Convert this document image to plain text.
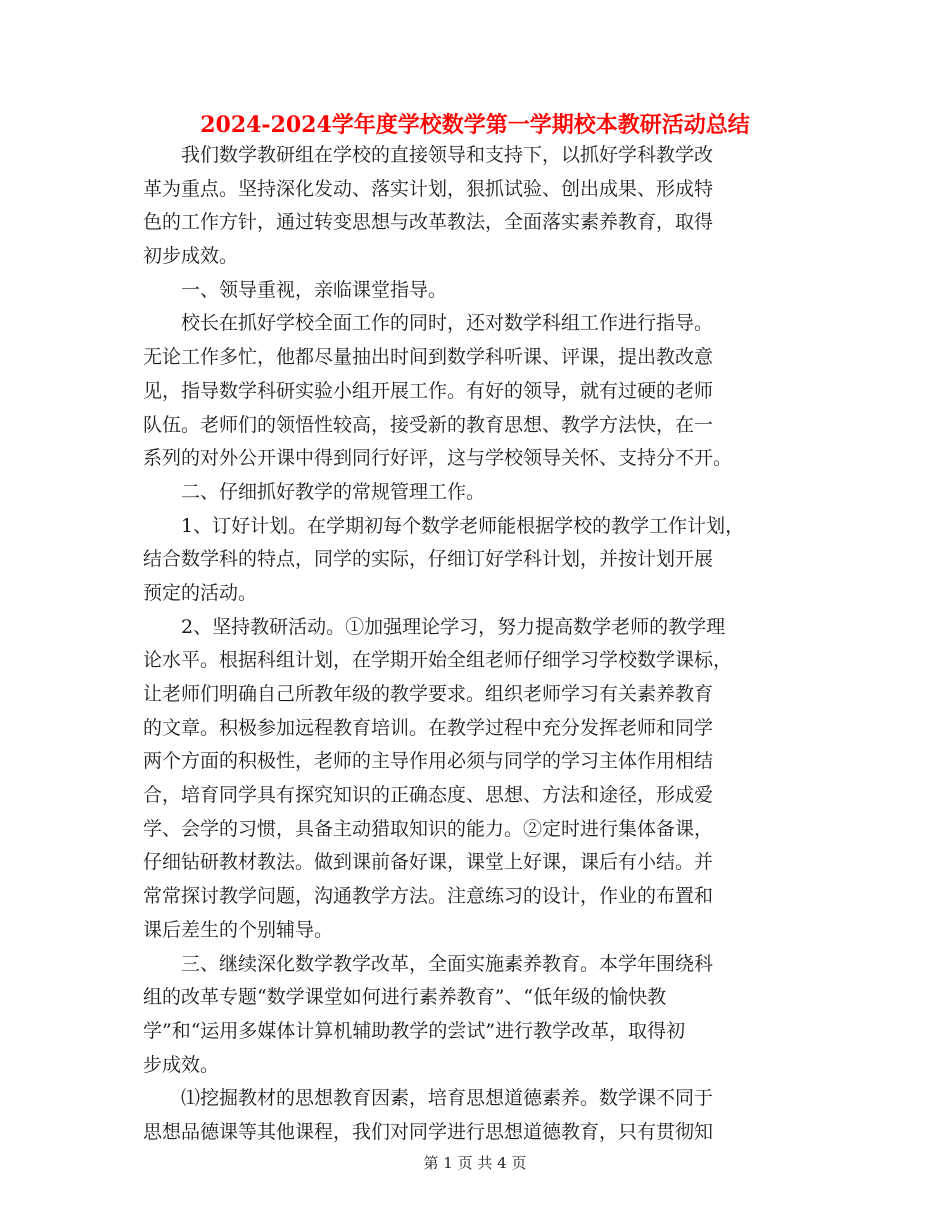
2024-2024学年度学校数学第一学期校本教研活动总结
我们数学教研组在学校的直接领导和支持下，以抓好学科教学改
革为重点。坚持深化发动、落实计划，狠抓试验、创出成果、形成特
色的工作方针，通过转变思想与改革教法，全面落实素养教育，取得
初步成效。
一、领导重视，亲临课堂指导。
校长在抓好学校全面工作的同时，还对数学科组工作进行指导。
无论工作多忙，他都尽量抽出时间到数学科听课、评课，提出教改意
见，指导数学科研实验小组开展工作。有好的领导，就有过硬的老师
队伍。老师们的领悟性较高，接受新的教育思想、教学方法快，在一
系列的对外公开课中得到同行好评，这与学校领导关怀、支持分不开。
二、仔细抓好教学的常规管理工作。
1、订好计划。在学期初每个数学老师能根据学校的教学工作计划，
结合数学科的特点，同学的实际，仔细订好学科计划，并按计划开展
预定的活动。
2、坚持教研活动。①加强理论学习，努力提高数学老师的教学理
论水平。根据科组计划，在学期开始全组老师仔细学习学校数学课标，
让老师们明确自己所教年级的教学要求。组织老师学习有关素养教育
的文章。积极参加远程教育培训。在教学过程中充分发挥老师和同学
两个方面的积极性，老师的主导作用必须与同学的学习主体作用相结
合，培育同学具有探究知识的正确态度、思想、方法和途径，形成爱
学、会学的习惯，具备主动猎取知识的能力。②定时进行集体备课，
仔细钻研教材教法。做到课前备好课，课堂上好课，课后有小结。并
常常探讨教学问题，沟通教学方法。注意练习的设计，作业的布置和
课后差生的个别辅导。
三、继续深化数学教学改革，全面实施素养教育。本学年围绕科
组的改革专题“数学课堂如何进行素养教育”、“低年级的愉快教
学”和“运用多媒体计算机辅助教学的尝试”进行教学改革，取得初
步成效。
⑴挖掘教材的思想教育因素，培育思想道德素养。数学课不同于
思想品德课等其他课程，我们对同学进行思想道德教育，只有贯彻知
第 1 页 共 4 页
